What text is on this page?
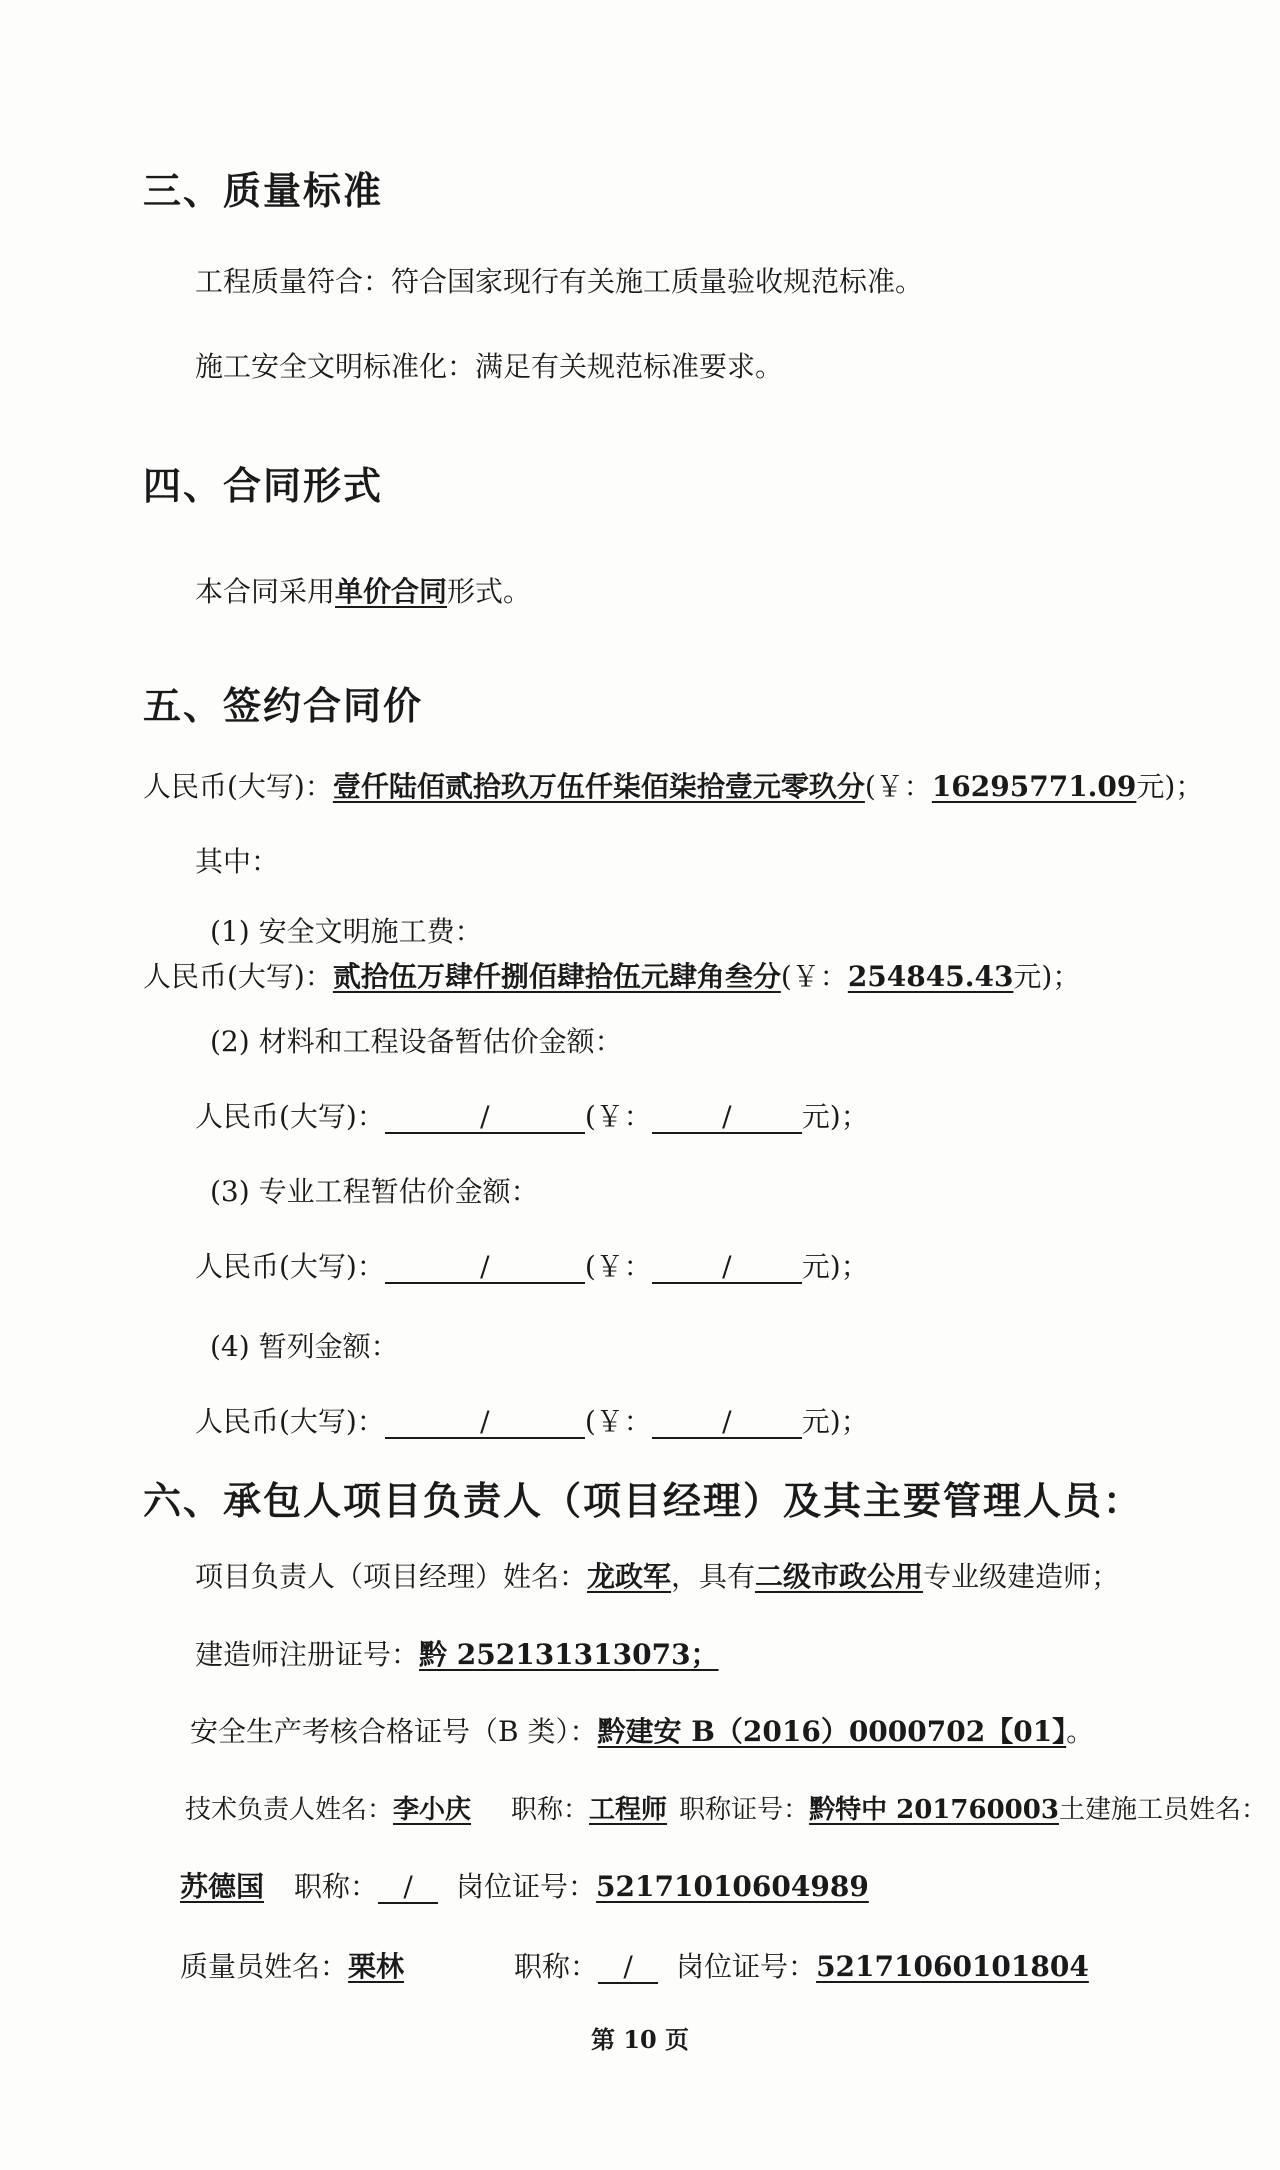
三、质量标准
工程质量符合：符合国家现行有关施工质量验收规范标准。
施工安全文明标准化：满足有关规范标准要求。
四、合同形式
本合同采用单价合同形式。
五、签约合同价
人民币(大写)：壹仟陆佰贰拾玖万伍仟柒佰柒拾壹元零玖分(￥：16295771.09元)；
其中：
(1) 安全文明施工费：
人民币(大写)：贰拾伍万肆仟捌佰肆拾伍元肆角叁分(￥：254845.43元)；
(2) 材料和工程设备暂估价金额：
人民币(大写)：	/	(￥：	/	元)；
(3) 专业工程暂估价金额：
人民币(大写)：	/	(￥：	/	元)；
(4) 暂列金额：
人民币(大写)：	/	(￥：	/	元)；
六、承包人项目负责人（项目经理）及其主要管理人员：
项目负责人（项目经理）姓名：龙政军，具有二级市政公用专业级建造师；
建造师注册证号：黔 252131313073；
安全生产考核合格证号（B 类）：黔建安 B（2016）0000702【01】。
技术负责人姓名：李小庆 职称：工程师 职称证号：黔特中 201760003土建施工员姓名：
苏德国 职称： / 岗位证号：52171010604989
质量员姓名：栗林	职称： / 岗位证号：52171060101804
第 10 页
